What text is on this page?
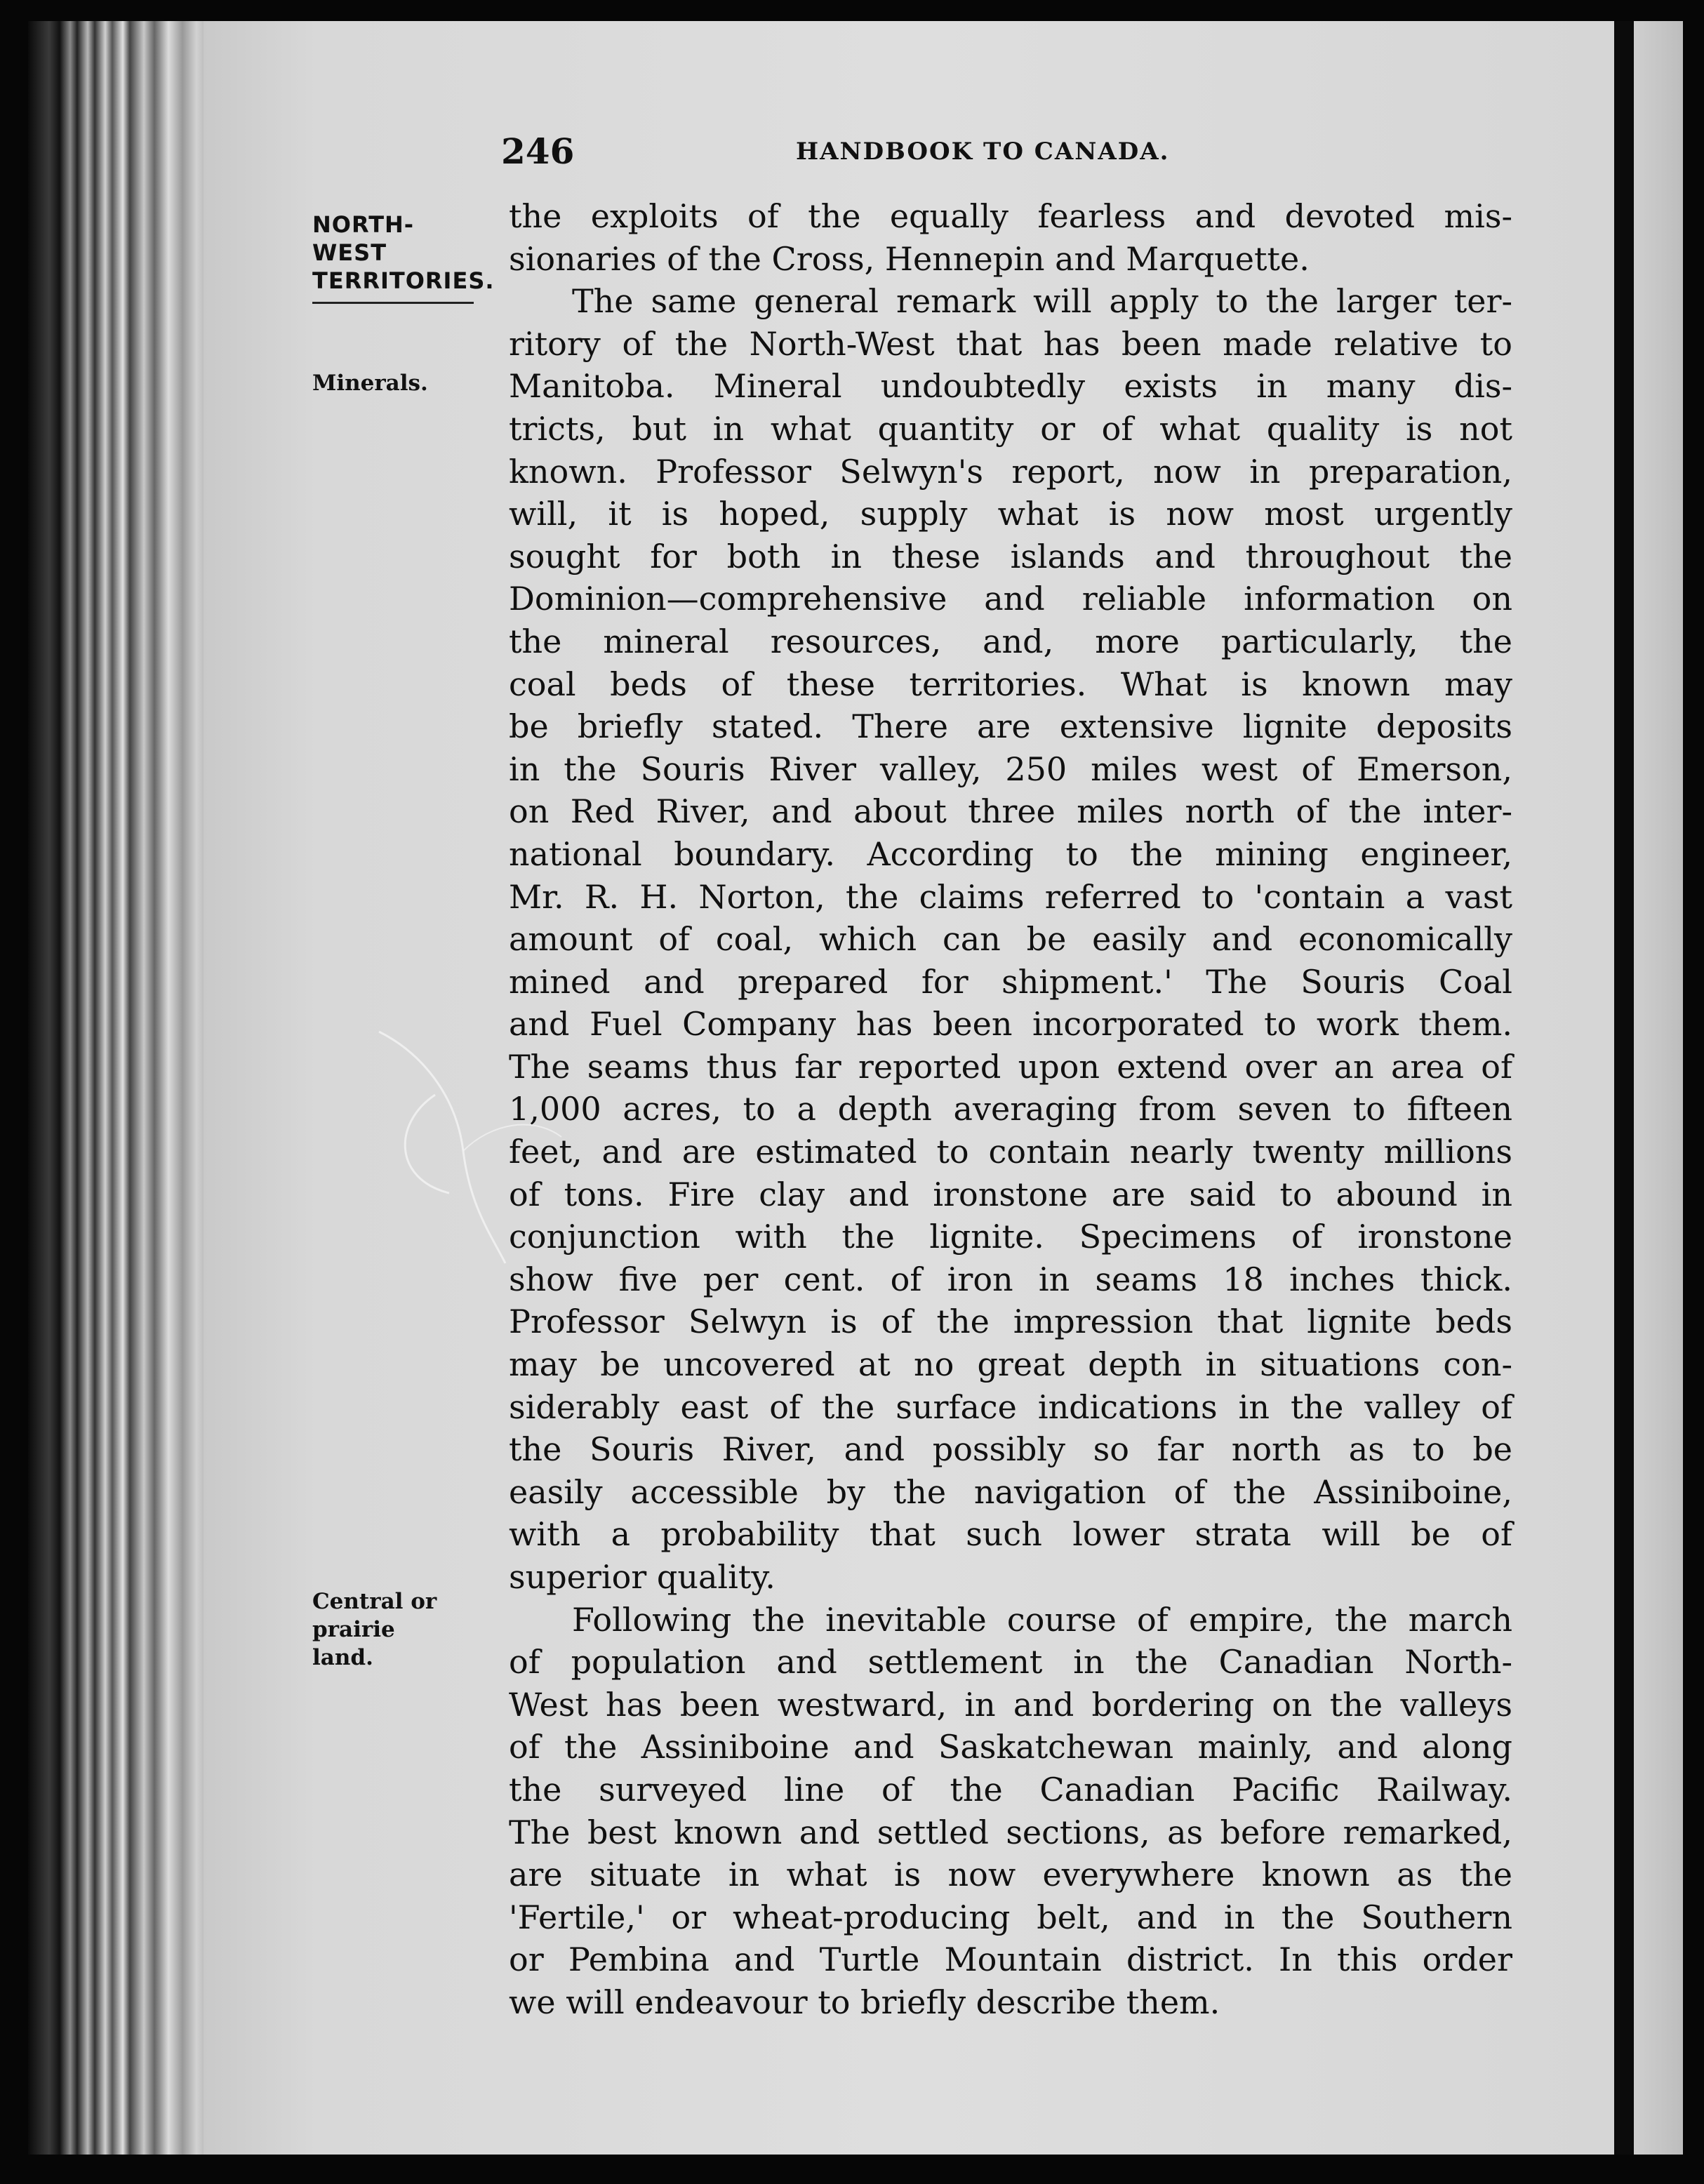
246	HANDBOOK TO CANADA.
NORTH-WEST
TERRITORIES.
Minerals.
Central or
prairie
land.
the exploits of the equally fearless and devoted mis-
sionaries of the Cross, Hennepin and Marquette.
The same general remark will apply to the larger ter-
ritory of the North-West that has been made relative to
Manitoba. Mineral undoubtedly exists in many dis-
tricts, but in what quantity or of what quality is not
known. Professor Selwyn's report, now in preparation,
will, it is hoped, supply what is now most urgently
sought for both in these islands and throughout the
Dominion—comprehensive and reliable information on
the mineral resources, and, more particularly, the
coal beds of these territories. What is known may
be briefly stated. There are extensive lignite deposits
in the Souris River valley, 250 miles west of Emerson,
on Red River, and about three miles north of the inter-
national boundary. According to the mining engineer,
Mr. R. H. Norton, the claims referred to 'contain a vast
amount of coal, which can be easily and economically
mined and prepared for shipment.' The Souris Coal
and Fuel Company has been incorporated to work them.
The seams thus far reported upon extend over an area of
1,000 acres, to a depth averaging from seven to fifteen
feet, and are estimated to contain nearly twenty millions
of tons. Fire clay and ironstone are said to abound in
conjunction with the lignite. Specimens of ironstone
show five per cent. of iron in seams 18 inches thick.
Professor Selwyn is of the impression that lignite beds
may be uncovered at no great depth in situations con-
siderably east of the surface indications in the valley of
the Souris River, and possibly so far north as to be
easily accessible by the navigation of the Assiniboine,
with a probability that such lower strata will be of
superior quality.
Following the inevitable course of empire, the march
of population and settlement in the Canadian North-
West has been westward, in and bordering on the valleys
of the Assiniboine and Saskatchewan mainly, and along
the surveyed line of the Canadian Pacific Railway.
The best known and settled sections, as before remarked,
are situate in what is now everywhere known as the
'Fertile,' or wheat-producing belt, and in the Southern
or Pembina and Turtle Mountain district. In this order
we will endeavour to briefly describe them.
